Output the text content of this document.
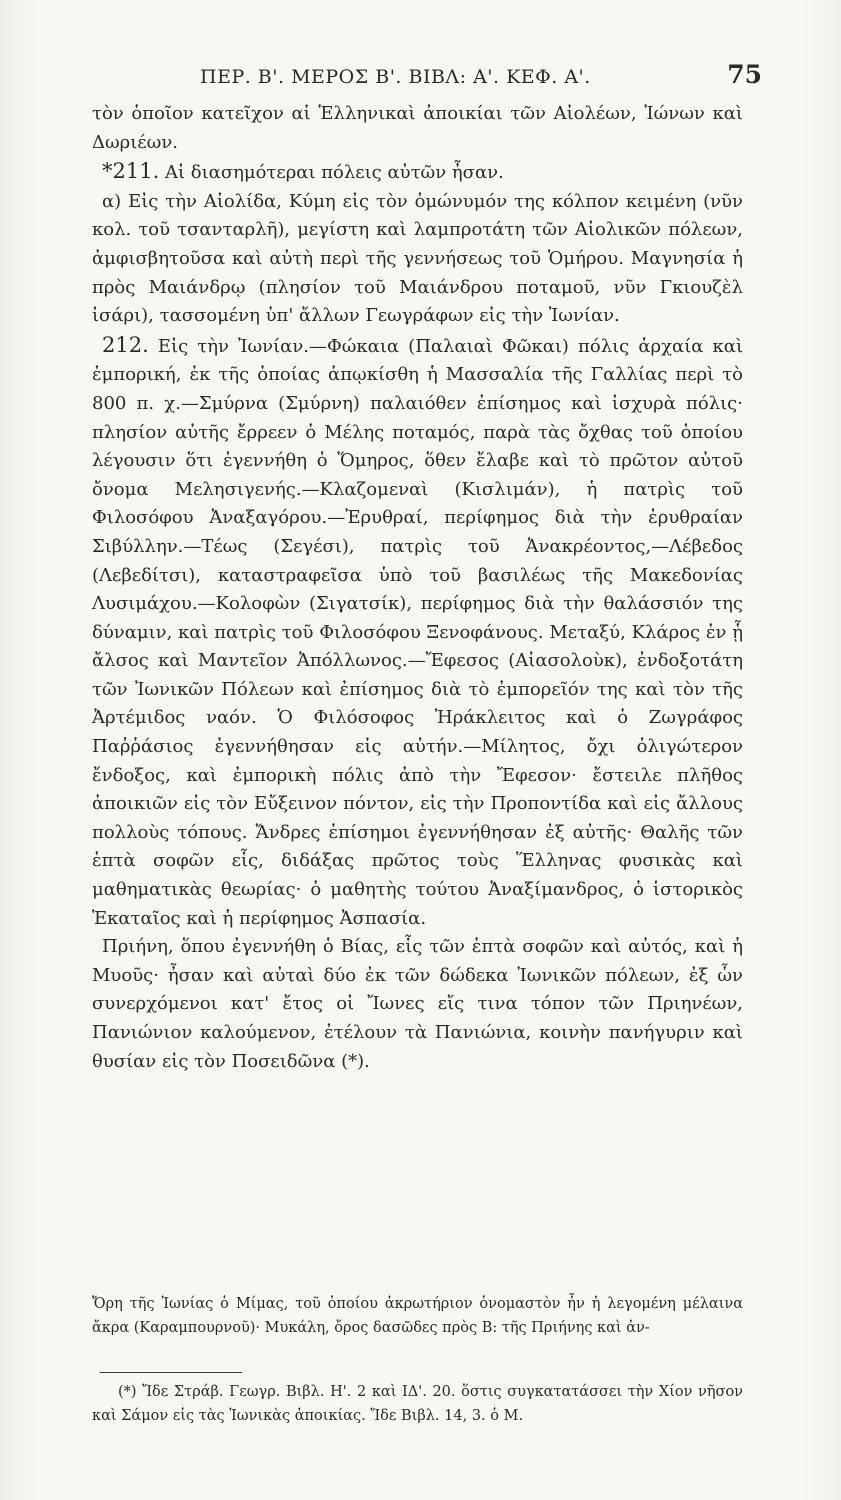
ΠΕΡ. Β'. ΜΕΡΟΣ Β'. ΒΙΒΛ: Α'. ΚΕΦ. Α'.	75

τὸν ὁποῖον κατεῖχον αἱ Ἑλληνικαὶ ἀποικίαι τῶν Αἰολέων, Ἰώνων καὶ Δωριέων.

*211. Αἱ διασημότεραι πόλεις αὐτῶν ἦσαν.

α) Εἰς τὴν Αἰολίδα, Κύμη εἰς τὸν ὁμώνυμόν της κόλπον κειμένη (νῦν κολ. τοῦ τσανταρλῆ), μεγίστη καὶ λαμπροτάτη τῶν Αἰολικῶν πόλεων, ἀμφισβητοῦσα καὶ αὐτὴ περὶ τῆς γεννήσεως τοῦ Ὁμήρου. Μαγνησία ἡ πρὸς Μαιάνδρῳ (πλησίον τοῦ Μαιάνδρου ποταμοῦ, νῦν Γκιουζὲλ ἰσάρι), τασσομένη ὑπ' ἄλλων Γεωγράφων εἰς τὴν Ἰωνίαν.

212. Εἰς τὴν Ἰωνίαν.—Φώκαια (Παλαιαὶ Φῶκαι) πόλις ἀρχαία καὶ ἐμπορική, ἐκ τῆς ὁποίας ἀπῳκίσθη ἡ Μασσαλία τῆς Γαλλίας περὶ τὸ 800 π. χ.—Σμύρνα (Σμύρνη) παλαιόθεν ἐπίσημος καὶ ἰσχυρὰ πόλις· πλησίον αὐτῆς ἔρρεεν ὁ Μέλης ποταμός, παρὰ τὰς ὄχθας τοῦ ὁποίου λέγουσιν ὅτι ἐγεννήθη ὁ Ὅμηρος, ὅθεν ἔλαβε καὶ τὸ πρῶτον αὐτοῦ ὄνομα Μελησιγενής.—Κλαζομεναὶ (Κισλιμάν), ἡ πατρὶς τοῦ Φιλοσόφου Ἀναξαγόρου.—Ἐρυθραί, περίφημος διὰ τὴν ἐρυθραίαν Σιβύλλην.—Τέως (Σεγέσι), πατρὶς τοῦ Ἀνακρέοντος,—Λέβεδος (Λεβεδίτσι), καταστραφεῖσα ὑπὸ τοῦ βασιλέως τῆς Μακεδονίας Λυσιμάχου.—Κολοφὼν (Σιγατσίκ), περίφημος διὰ τὴν θαλάσσιόν της δύναμιν, καὶ πατρὶς τοῦ Φιλοσόφου Ξενοφάνους. Μεταξύ, Κλάρος ἐν ᾗ ἄλσος καὶ Μαντεῖον Ἀπόλλωνος.—Ἔφεσος (Αἰασολοὺκ), ἐνδοξοτάτη τῶν Ἰωνικῶν Πόλεων καὶ ἐπίσημος διὰ τὸ ἐμπορεῖόν της καὶ τὸν τῆς Ἀρτέμιδος ναόν. Ὁ Φιλόσοφος Ἡράκλειτος καὶ ὁ Ζωγράφος Παῤῥάσιος ἐγεννήθησαν εἰς αὐτήν.—Μίλητος, ὄχι ὀλιγώτερον ἔνδοξος, καὶ ἐμπορικὴ πόλις ἀπὸ τὴν Ἔφεσον· ἔστειλε πλῆθος ἀποικιῶν εἰς τὸν Εὔξεινον πόντον, εἰς τὴν Προποντίδα καὶ εἰς ἄλλους πολλοὺς τόπους. Ἄνδρες ἐπίσημοι ἐγεννήθησαν ἐξ αὐτῆς· Θαλῆς τῶν ἑπτὰ σοφῶν εἷς, διδάξας πρῶτος τοὺς Ἕλληνας φυσικὰς καὶ μαθηματικὰς θεωρίας· ὁ μαθητὴς τούτου Ἀναξίμανδρος, ὁ ἱστορικὸς Ἑκαταῖος καὶ ἡ περίφημος Ἀσπασία.

Πριήνη, ὅπου ἐγεννήθη ὁ Βίας, εἷς τῶν ἑπτὰ σοφῶν καὶ αὐτός, καὶ ἡ Μυοῦς· ἦσαν καὶ αὐταὶ δύο ἐκ τῶν δώδεκα Ἰωνικῶν πόλεων, ἐξ ὧν συνερχόμενοι κατ' ἔτος οἱ Ἴωνες εἴς τινα τόπον τῶν Πριηνέων, Πανιώνιον καλούμενον, ἐτέλουν τὰ Πανιώνια, κοινὴν πανήγυριν καὶ θυσίαν εἰς τὸν Ποσειδῶνα (*).

Ὄρη τῆς Ἰωνίας ὁ Μίμας, τοῦ ὁποίου ἀκρωτήριον ὀνομαστὸν ἦν ἡ λεγομένη μέλαινα ἄκρα (Καραμπουρνοῦ)· Μυκάλη, ὄρος δασῶδες πρὸς Β: τῆς Πριήνης καὶ ἀν-

(*) Ἴδε Στράβ. Γεωγρ. Βιβλ. Η'. 2 καὶ ΙΔ'. 20. ὅστις συγκατατάσσει τὴν Χίον νῆσον καὶ Σάμον εἰς τὰς Ἰωνικὰς ἀποικίας. Ἴδε Βιβλ. 14, 3. ὁ Μ.
